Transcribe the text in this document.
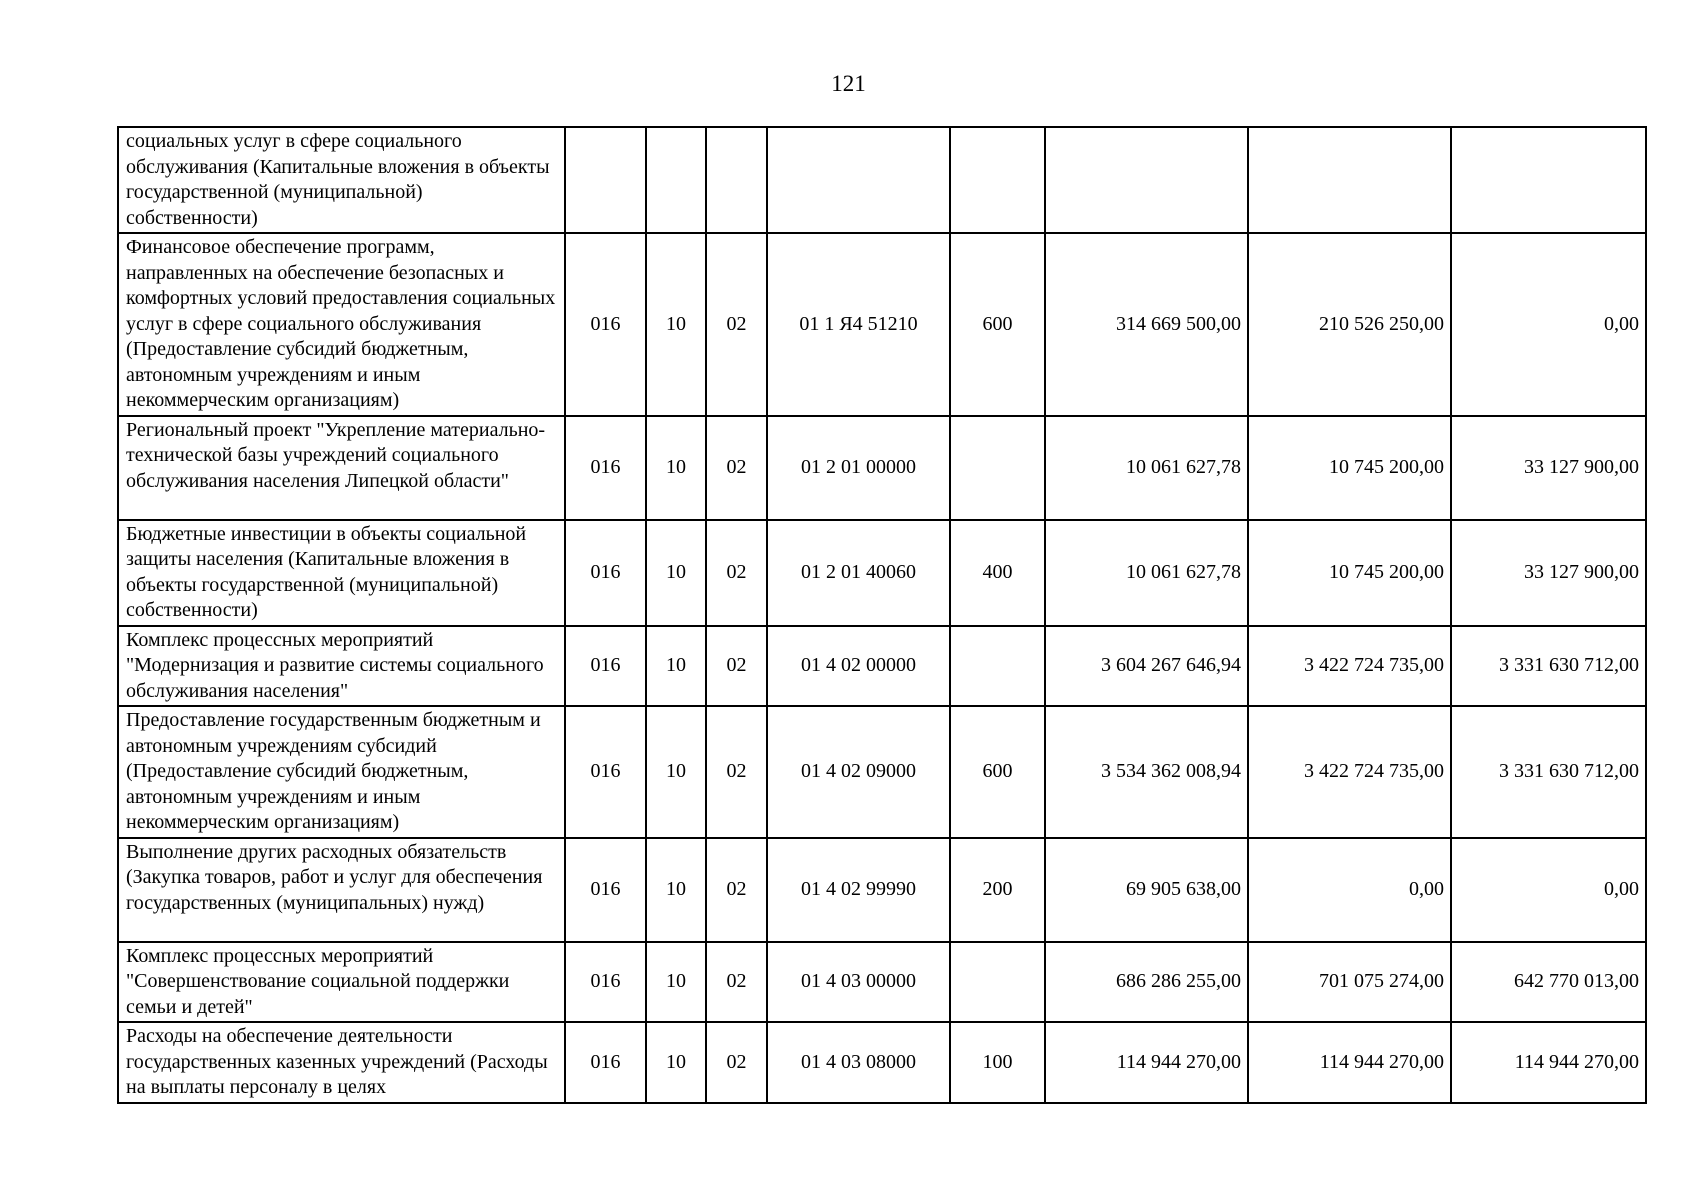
121
социальных услуг в сфере социального обслуживания (Капитальные вложения в объекты государственной (муниципальной) собственности)								
Финансовое обеспечение программ, направленных на обеспечение безопасных и комфортных условий предоставления социальных услуг в сфере социального обслуживания (Предоставление субсидий бюджетным, автономным учреждениям и иным некоммерческим организациям)	016	10	02	01 1 Я4 51210	600	314 669 500,00	210 526 250,00	0,00
Региональный проект "Укрепление материально-технической базы учреждений социального обслуживания населения Липецкой области"	016	10	02	01 2 01 00000		10 061 627,78	10 745 200,00	33 127 900,00
Бюджетные инвестиции в объекты социальной защиты населения (Капитальные вложения в объекты государственной (муниципальной) собственности)	016	10	02	01 2 01 40060	400	10 061 627,78	10 745 200,00	33 127 900,00
Комплекс процессных мероприятий "Модернизация и развитие системы социального обслуживания населения"	016	10	02	01 4 02 00000		3 604 267 646,94	3 422 724 735,00	3 331 630 712,00
Предоставление государственным бюджетным и автономным учреждениям субсидий (Предоставление субсидий бюджетным, автономным учреждениям и иным некоммерческим организациям)	016	10	02	01 4 02 09000	600	3 534 362 008,94	3 422 724 735,00	3 331 630 712,00
Выполнение других расходных обязательств (Закупка товаров, работ и услуг для обеспечения государственных (муниципальных) нужд)	016	10	02	01 4 02 99990	200	69 905 638,00	0,00	0,00
Комплекс процессных мероприятий "Совершенствование социальной поддержки семьи и детей"	016	10	02	01 4 03 00000		686 286 255,00	701 075 274,00	642 770 013,00
Расходы на обеспечение деятельности государственных казенных учреждений (Расходы на выплаты персоналу в целях	016	10	02	01 4 03 08000	100	114 944 270,00	114 944 270,00	114 944 270,00
